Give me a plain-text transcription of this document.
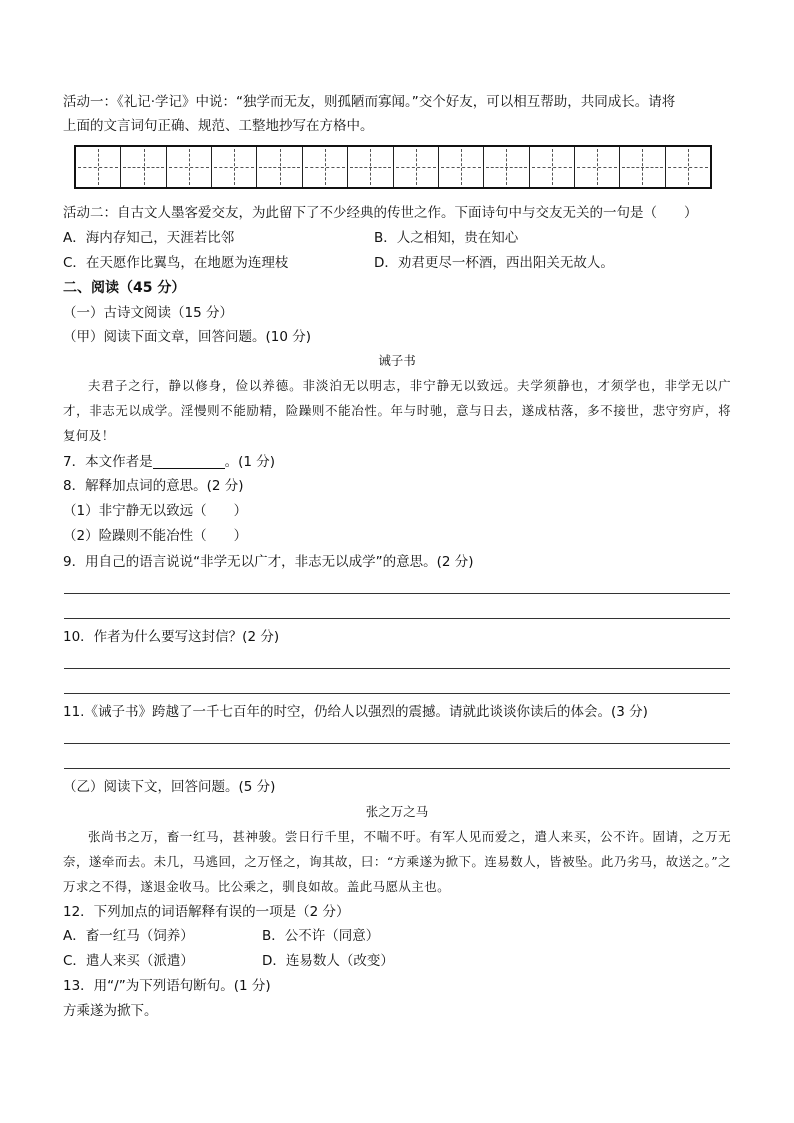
活动一：《礼记·学记》中说：“独学而无友，则孤陋而寡闻。”交个好友，可以相互帮助，共同成长。请将
上面的文言词句正确、规范、工整地抄写在方格中。
活动二：自古文人墨客爱交友，为此留下了不少经典的传世之作。下面诗句中与交友无关的一句是（　　）
A．海内存知己，天涯若比邻	B．人之相知，贵在知心
C．在天愿作比翼鸟，在地愿为连理枝	D．劝君更尽一杯酒，西出阳关无故人。
二、阅读（45 分）
（一）古诗文阅读（15 分）
（甲）阅读下面文章，回答问题。(10 分)
诫子书
夫君子之行，静以修身，俭以养德。非淡泊无以明志，非宁静无以致远。夫学须静也，才须学也，非学无以广才，非志无以成学。淫慢则不能励精，险躁则不能冶性。年与时驰，意与日去，遂成枯落，多不接世，悲守穷庐，将复何及！
7．本文作者是	。(1 分)
8．解释加点词的意思。(2 分)
（1）非宁静无以致远（　　）
（2）险躁则不能冶性（　　）
9．用自己的语言说说“非学无以广才，非志无以成学”的意思。(2 分)
10．作者为什么要写这封信？(2 分)
11.《诫子书》跨越了一千七百年的时空，仍给人以强烈的震撼。请就此谈谈你读后的体会。(3 分)
（乙）阅读下文，回答问题。(5 分)
张之万之马
张尚书之万，畜一红马，甚神骏。尝日行千里，不喘不吁。有军人见而爱之，遣人来买，公不许。固请，之万无奈，遂牵而去。未几，马逃回，之万怪之，询其故，曰：“方乘遂为掀下。连易数人，皆被坠。此乃劣马，故送之。”之万求之不得，遂退金收马。比公乘之，驯良如故。盖此马愿从主也。
12．下列加点的词语解释有误的一项是（2 分）
A．畜一红马（饲养）	B．公不许（同意）
C．遣人来买（派遣）	D．连易数人（改变）
13．用“/”为下列语句断句。(1 分)
方乘遂为掀下。
